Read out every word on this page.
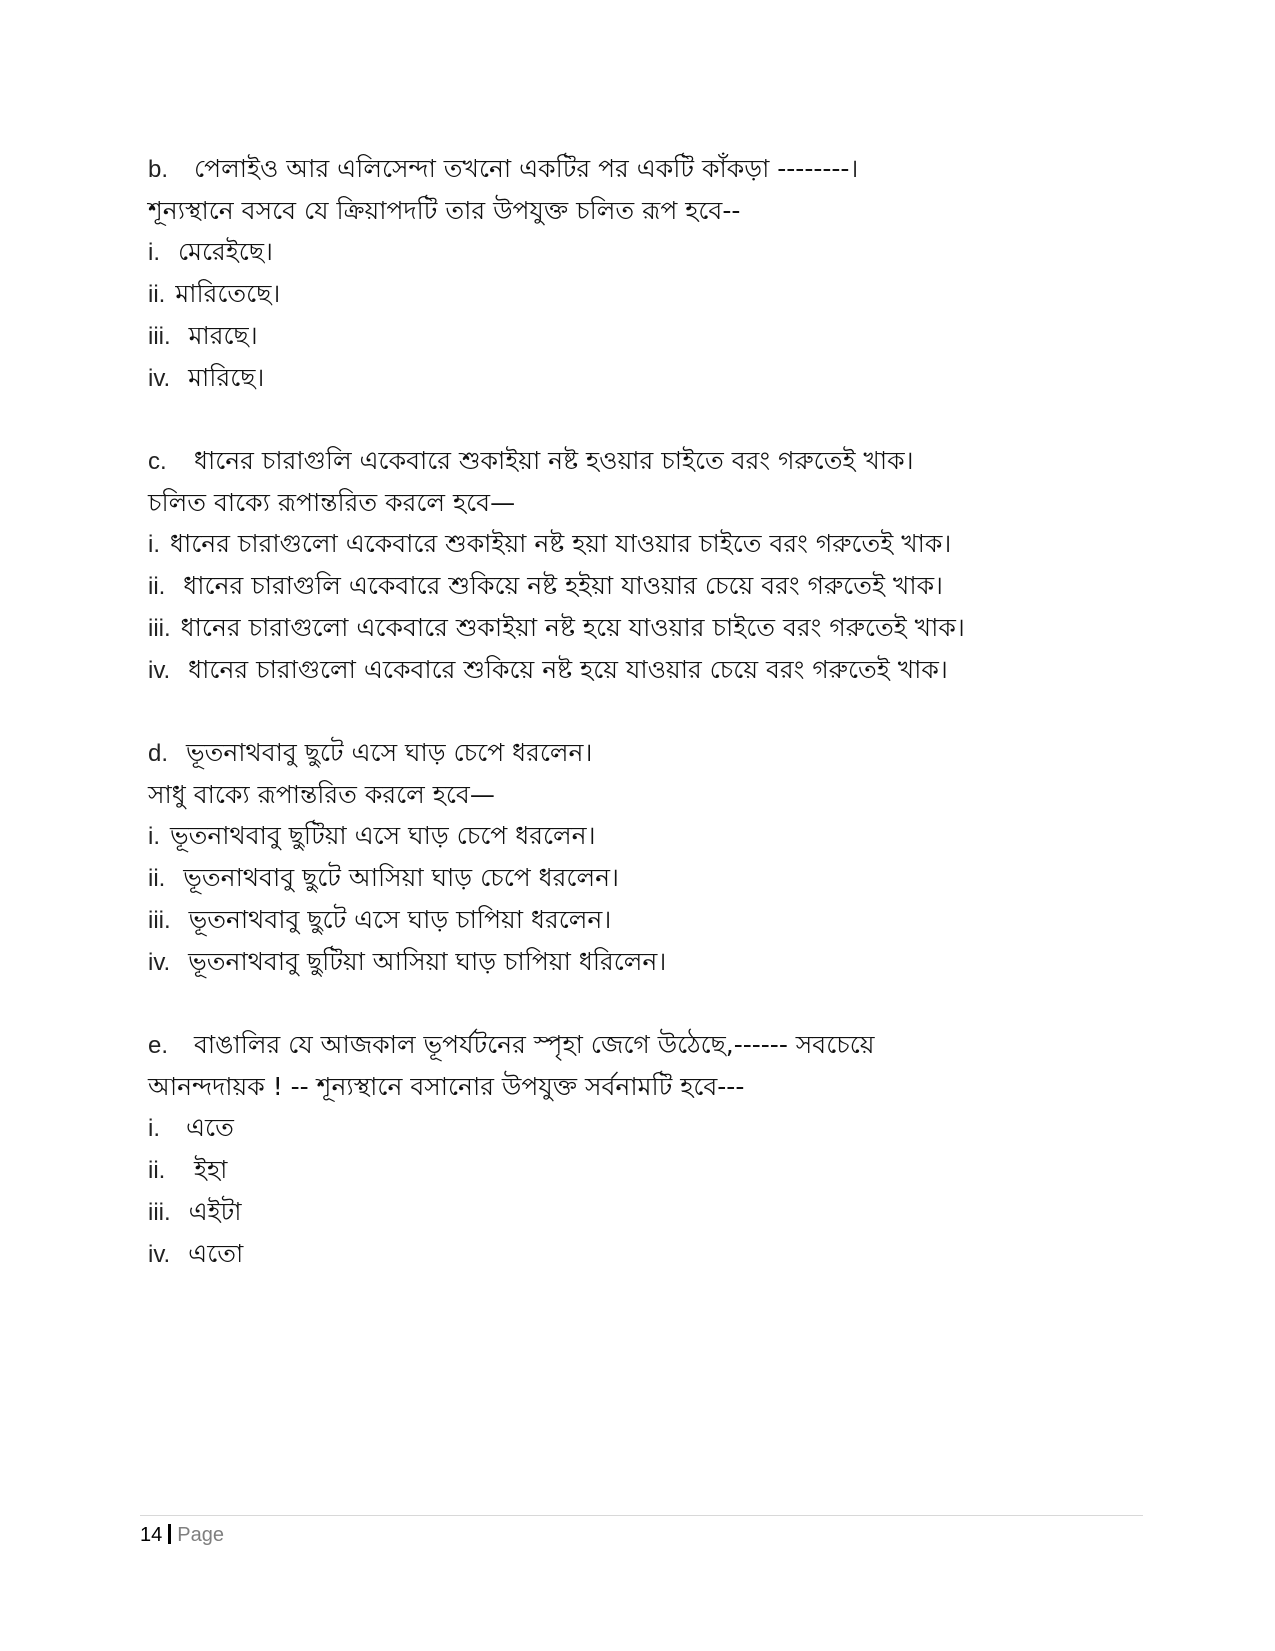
b. পেলাইও আর এলিসেন্দা তখনো একটির পর একটি কাঁকড়া --------।
শূন্যস্থানে বসবে যে ক্রিয়াপদটি তার উপযুক্ত চলিত রূপ হবে--
i. মেরেইছে।
ii. মারিতেছে।
iii. মারছে।
iv. মারিছে।
c. ধানের চারাগুলি একেবারে শুকাইয়া নষ্ট হওয়ার চাইতে বরং গরুতেই খাক।
চলিত বাক্যে রূপান্তরিত করলে হবে—
i. ধানের চারাগুলো একেবারে শুকাইয়া নষ্ট হয়া যাওয়ার চাইতে বরং গরুতেই খাক।
ii. ধানের চারাগুলি একেবারে শুকিয়ে নষ্ট হইয়া যাওয়ার চেয়ে বরং গরুতেই খাক।
iii. ধানের চারাগুলো একেবারে শুকাইয়া নষ্ট হয়ে যাওয়ার চাইতে বরং গরুতেই খাক।
iv. ধানের চারাগুলো একেবারে শুকিয়ে নষ্ট হয়ে যাওয়ার চেয়ে বরং গরুতেই খাক।
d. ভূতনাথবাবু ছুটে এসে ঘাড় চেপে ধরলেন।
সাধু বাক্যে রূপান্তরিত করলে হবে—
i. ভূতনাথবাবু ছুটিয়া এসে ঘাড় চেপে ধরলেন।
ii. ভূতনাথবাবু ছুটে আসিয়া ঘাড় চেপে ধরলেন।
iii. ভূতনাথবাবু ছুটে এসে ঘাড় চাপিয়া ধরলেন।
iv. ভূতনাথবাবু ছুটিয়া আসিয়া ঘাড় চাপিয়া ধরিলেন।
e. বাঙালির যে আজকাল ভূপর্যটনের স্পৃহা জেগে উঠেছে,------ সবচেয়ে
আনন্দদায়ক ! -- শূন্যস্থানে বসানোর উপযুক্ত সর্বনামটি হবে---
i. এতে
ii. ইহা
iii. এইটা
iv. এতো
14 Page
